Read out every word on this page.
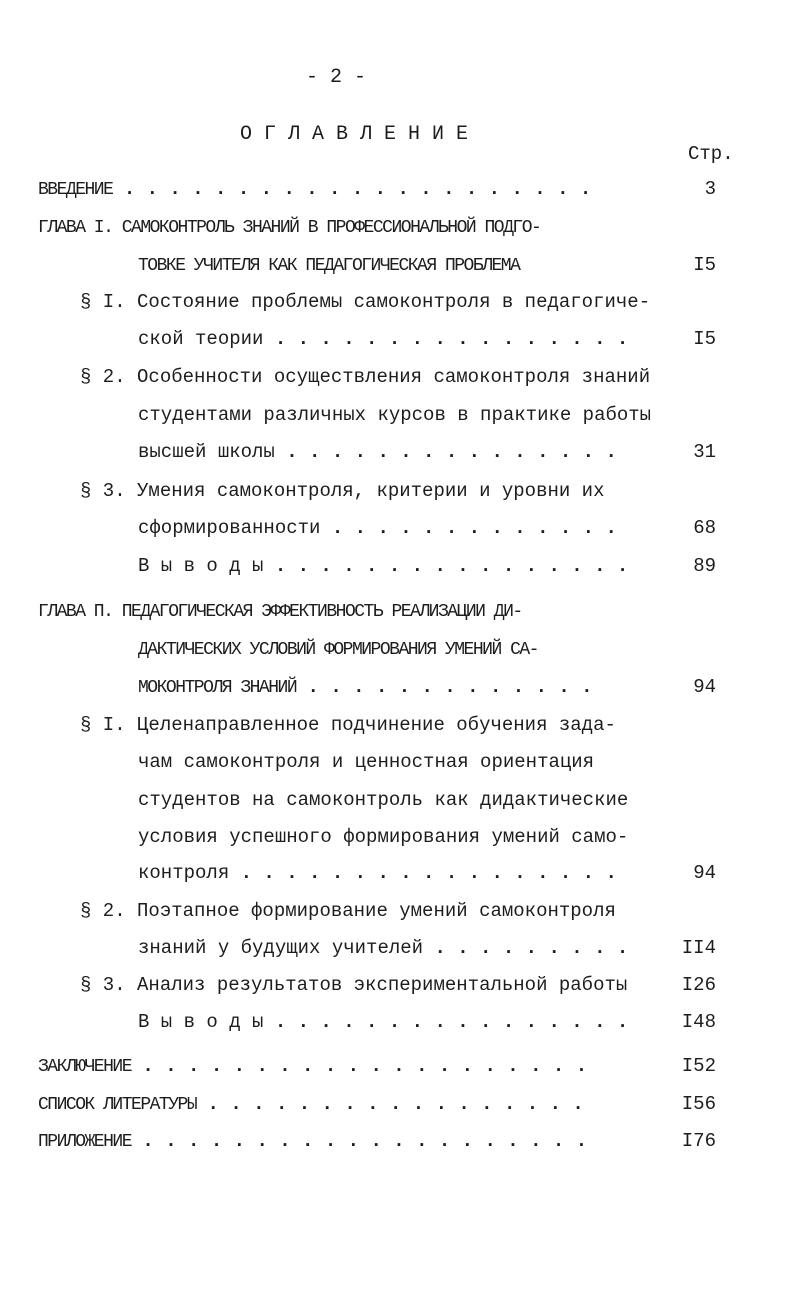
- 2 -
О Г Л А В Л Е Н И Е
Стр.
ВВЕДЕНИЕ . . . . . . . . . . . . . . . . . . . . .	3
ГЛАВА I. САМОКОНТРОЛЬ ЗНАНИЙ В ПРОФЕССИОНАЛЬНОЙ ПОДГО-
ТОВКЕ УЧИТЕЛЯ КАК ПЕДАГОГИЧЕСКАЯ ПРОБЛЕМА	I5
§ I. Состояние проблемы самоконтроля в педагогиче-
ской теории . . . . . . . . . . . . . . . .	I5
§ 2. Особенности осуществления самоконтроля знаний
студентами различных курсов в практике работы
высшей школы . . . . . . . . . . . . . . .	31
§ 3. Умения самоконтроля, критерии и уровни их
сформированности . . . . . . . . . . . . .	68
В ы в о д ы . . . . . . . . . . . . . . . .	89
ГЛАВА П. ПЕДАГОГИЧЕСКАЯ ЭФФЕКТИВНОСТЬ РЕАЛИЗАЦИИ ДИ-
ДАКТИЧЕСКИХ УСЛОВИЙ ФОРМИРОВАНИЯ УМЕНИЙ СА-
МОКОНТРОЛЯ ЗНАНИЙ . . . . . . . . . . . . .	94
§ I. Целенаправленное подчинение обучения зада-
чам самоконтроля и ценностная ориентация
студентов на самоконтроль как дидактические
условия успешного формирования умений само-
контроля . . . . . . . . . . . . . . . . .	94
§ 2. Поэтапное формирование умений самоконтроля
знаний у будущих учителей . . . . . . . . .	II4
§ 3. Анализ результатов экспериментальной работы	I26
В ы в о д ы . . . . . . . . . . . . . . . .	I48
ЗАКЛЮЧЕНИЕ . . . . . . . . . . . . . . . . . . . .	I52
СПИСОК ЛИТЕРАТУРЫ . . . . . . . . . . . . . . . . .	I56
ПРИЛОЖЕНИЕ . . . . . . . . . . . . . . . . . . . .	I76
